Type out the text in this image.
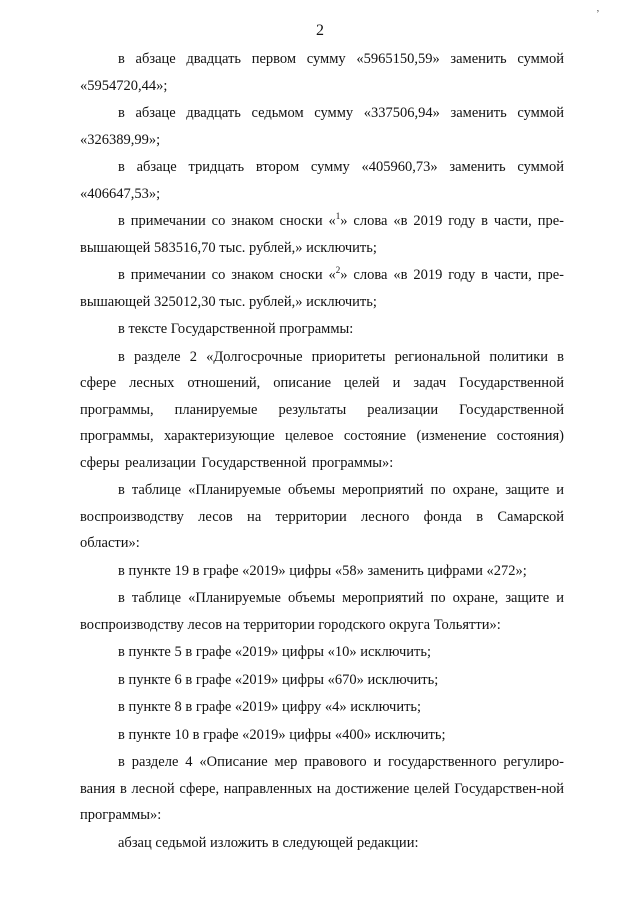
’
2

в абзаце двадцать первом сумму «5965150,59» заменить суммой «5954720,44»;

в абзаце двадцать седьмом сумму «337506,94» заменить суммой «326389,99»;

в абзаце тридцать втором сумму «405960,73» заменить суммой «406647,53»;

в примечании со знаком сноски «$^1$» слова «в 2019 году в части, пре-вышающей 583516,70 тыс. рублей,» исключить;

в примечании со знаком сноски «$^2$» слова «в 2019 году в части, пре-вышающей 325012,30 тыс. рублей,» исключить;

в тексте Государственной программы:

в разделе 2 «Долгосрочные приоритеты региональной политики в сфере лесных отношений, описание целей и задач Государственной программы, планируемые результаты реализации Государственной программы, характеризующие целевое состояние (изменение состояния) сферы реализации Государственной программы»:

в таблице «Планируемые объемы мероприятий по охране, защите и воспроизводству лесов на территории лесного фонда в Самарской области»:

в пункте 19 в графе «2019» цифры «58» заменить цифрами «272»;

в таблице «Планируемые объемы мероприятий по охране, защите и воспроизводству лесов на территории городского округа Тольятти»:

в пункте 5 в графе «2019» цифры «10» исключить;

в пункте 6 в графе «2019» цифры «670» исключить;

в пункте 8 в графе «2019» цифру «4» исключить;

в пункте 10 в графе «2019» цифры «400» исключить;

в разделе 4 «Описание мер правового и государственного регулиро-вания в лесной сфере, направленных на достижение целей Государствен-ной программы»:

абзац седьмой изложить в следующей редакции:
